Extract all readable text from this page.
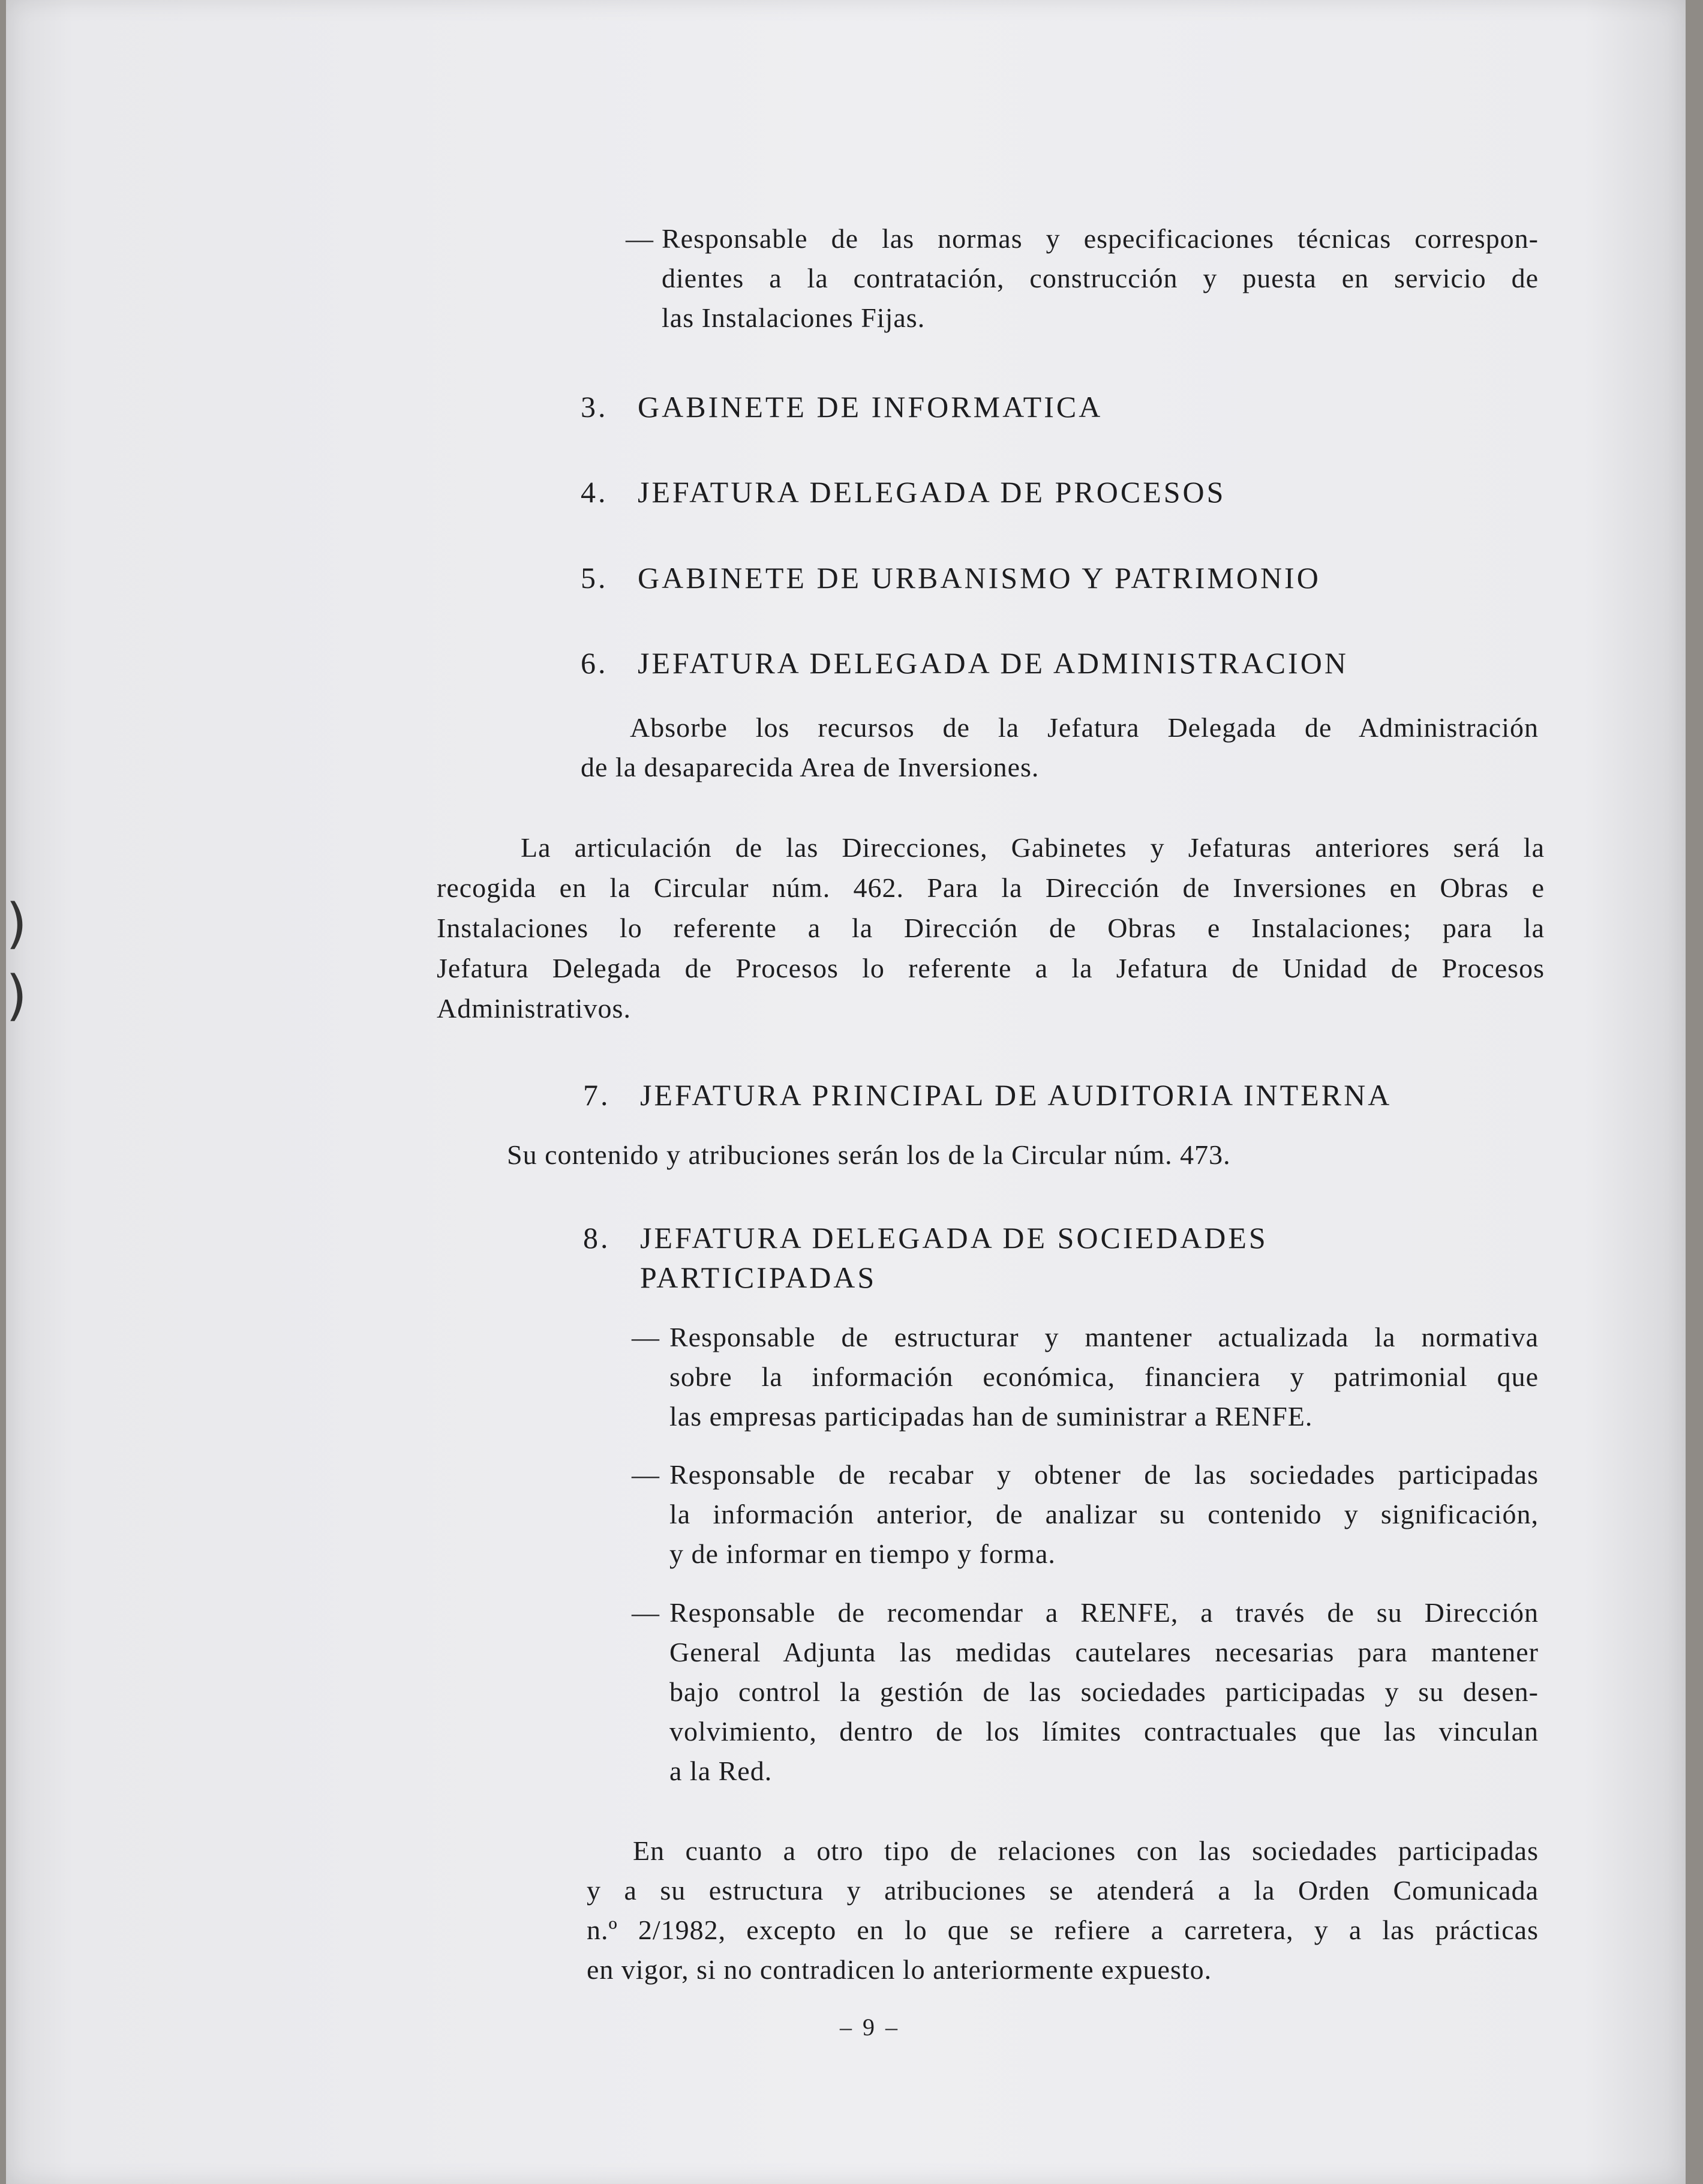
)
)
— Responsable de las normas y especificaciones técnicas correspon-
dientes a la contratación, construcción y puesta en servicio de
las Instalaciones Fijas.
3. GABINETE DE INFORMATICA
4. JEFATURA DELEGADA DE PROCESOS
5. GABINETE DE URBANISMO Y PATRIMONIO
6. JEFATURA DELEGADA DE ADMINISTRACION
Absorbe los recursos de la Jefatura Delegada de Administración
de la desaparecida Area de Inversiones.
La articulación de las Direcciones, Gabinetes y Jefaturas anteriores será la
recogida en la Circular núm. 462. Para la Dirección de Inversiones en Obras e
Instalaciones lo referente a la Dirección de Obras e Instalaciones; para la
Jefatura Delegada de Procesos lo referente a la Jefatura de Unidad de Procesos
Administrativos.
7. JEFATURA PRINCIPAL DE AUDITORIA INTERNA
Su contenido y atribuciones serán los de la Circular núm. 473.
8. JEFATURA DELEGADA DE SOCIEDADES
PARTICIPADAS
— Responsable de estructurar y mantener actualizada la normativa
sobre la información económica, financiera y patrimonial que
las empresas participadas han de suministrar a RENFE.
— Responsable de recabar y obtener de las sociedades participadas
la información anterior, de analizar su contenido y significación,
y de informar en tiempo y forma.
— Responsable de recomendar a RENFE, a través de su Dirección
General Adjunta las medidas cautelares necesarias para mantener
bajo control la gestión de las sociedades participadas y su desen-
volvimiento, dentro de los límites contractuales que las vinculan
a la Red.
En cuanto a otro tipo de relaciones con las sociedades participadas
y a su estructura y atribuciones se atenderá a la Orden Comunicada
n.º 2/1982, excepto en lo que se refiere a carretera, y a las prácticas
en vigor, si no contradicen lo anteriormente expuesto.
– 9 –
